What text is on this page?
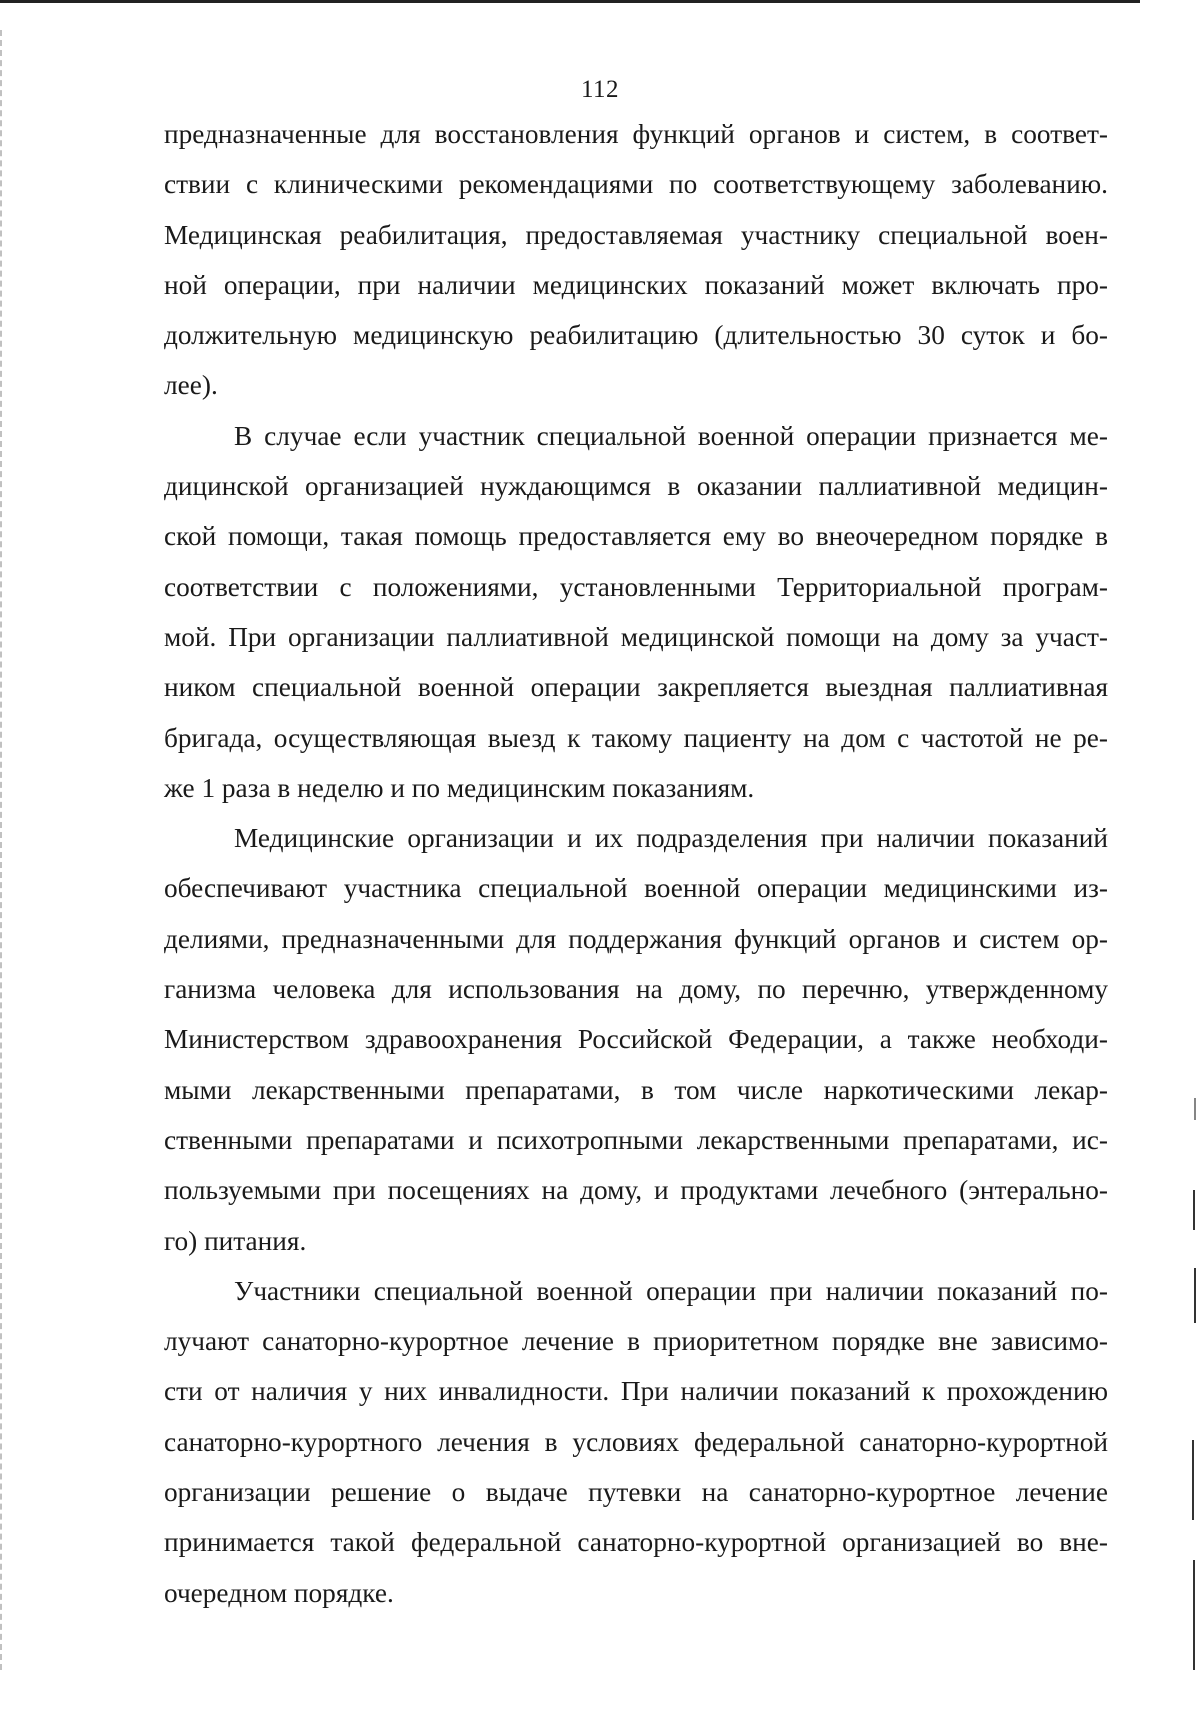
112
предназначенные для восстановления функций органов и систем, в соответ-
ствии с клиническими рекомендациями по соответствующему заболеванию.
Медицинская реабилитация, предоставляемая участнику специальной воен-
ной операции, при наличии медицинских показаний может включать про-
должительную медицинскую реабилитацию (длительностью 30 суток и бо-
лее).
В случае если участник специальной военной операции признается ме-
дицинской организацией нуждающимся в оказании паллиативной медицин-
ской помощи, такая помощь предоставляется ему во внеочередном порядке в
соответствии с положениями, установленными Территориальной програм-
мой. При организации паллиативной медицинской помощи на дому за участ-
ником специальной военной операции закрепляется выездная паллиативная
бригада, осуществляющая выезд к такому пациенту на дом с частотой не ре-
же 1 раза в неделю и по медицинским показаниям.
Медицинские организации и их подразделения при наличии показаний
обеспечивают участника специальной военной операции медицинскими из-
делиями, предназначенными для поддержания функций органов и систем ор-
ганизма человека для использования на дому, по перечню, утвержденному
Министерством здравоохранения Российской Федерации, а также необходи-
мыми лекарственными препаратами, в том числе наркотическими лекар-
ственными препаратами и психотропными лекарственными препаратами, ис-
пользуемыми при посещениях на дому, и продуктами лечебного (энтерально-
го) питания.
Участники специальной военной операции при наличии показаний по-
лучают санаторно-курортное лечение в приоритетном порядке вне зависимо-
сти от наличия у них инвалидности. При наличии показаний к прохождению
санаторно-курортного лечения в условиях федеральной санаторно-курортной
организации решение о выдаче путевки на санаторно-курортное лечение
принимается такой федеральной санаторно-курортной организацией во вне-
очередном порядке.
